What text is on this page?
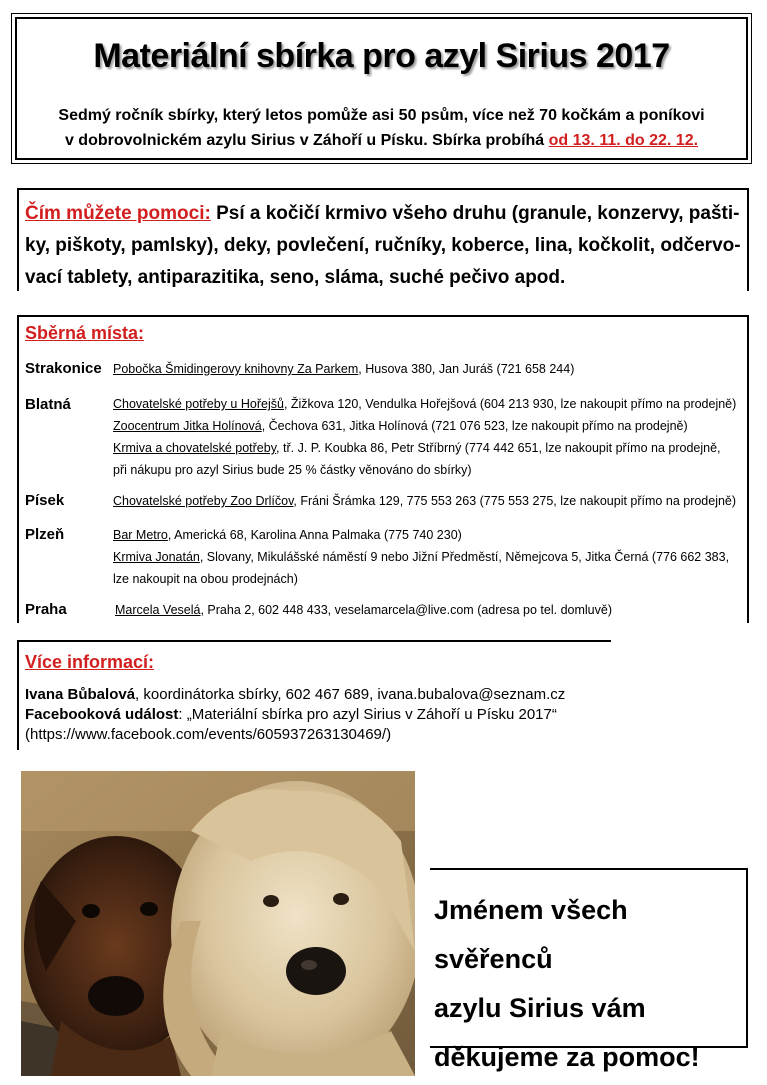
Materiální sbírka pro azyl Sirius 2017
Sedmý ročník sbírky, který letos pomůže asi 50 psům, více než 70 kočkám a poníkovi
v dobrovolnickém azylu Sirius v Záhoří u Písku. Sbírka probíhá od 13. 11. do 22. 12.
Čím můžete pomoci: Psí a kočičí krmivo všeho druhu (granule, konzervy, pašti-
ky, piškoty, pamlsky), deky, povlečení, ručníky, koberce, lina, kočkolit, odčervo-
vací tablety, antiparazitika, seno, sláma, suché pečivo apod.
Sběrná místa:
Strakonice Pobočka Šmidingerovy knihovny Za Parkem, Husova 380, Jan Juráš (721 658 244)
Blatná	Chovatelské potřeby u Hořejšů, Žižkova 120, Vendulka Hořejšová (604 213 930, lze nakoupit přímo na prodejně)
Zoocentrum Jitka Holínová, Čechova 631, Jitka Holínová (721 076 523, lze nakoupit přímo na prodejně)
Krmiva a chovatelské potřeby, tř. J. P. Koubka 86, Petr Stříbrný (774 442 651, lze nakoupit přímo na prodejně,
při nákupu pro azyl Sirius bude 25 % částky věnováno do sbírky)
Písek	Chovatelské potřeby Zoo Drlíčov, Fráni Šrámka 129, 775 553 263 (775 553 275, lze nakoupit přímo na prodejně)
Plzeň	Bar Metro, Americká 68, Karolina Anna Palmaka (775 740 230)
Krmiva Jonatán, Slovany, Mikulášské náměstí 9 nebo Jižní Předměstí, Němejcova 5, Jitka Černá (776 662 383,
lze nakoupit na obou prodejnách)
Praha	Marcela Veselá, Praha 2, 602 448 433, veselamarcela@live.com (adresa po tel. domluvě)
Více informací:
Ivana Bůbalová, koordinátorka sbírky, 602 467 689, ivana.bubalova@seznam.cz
Facebooková událost: „Materiální sbírka pro azyl Sirius v Záhoří u Písku 2017“
(https://www.facebook.com/events/605937263130469/)
Jménem všech svěřenců
azylu Sirius vám
děkujeme za pomoc!
